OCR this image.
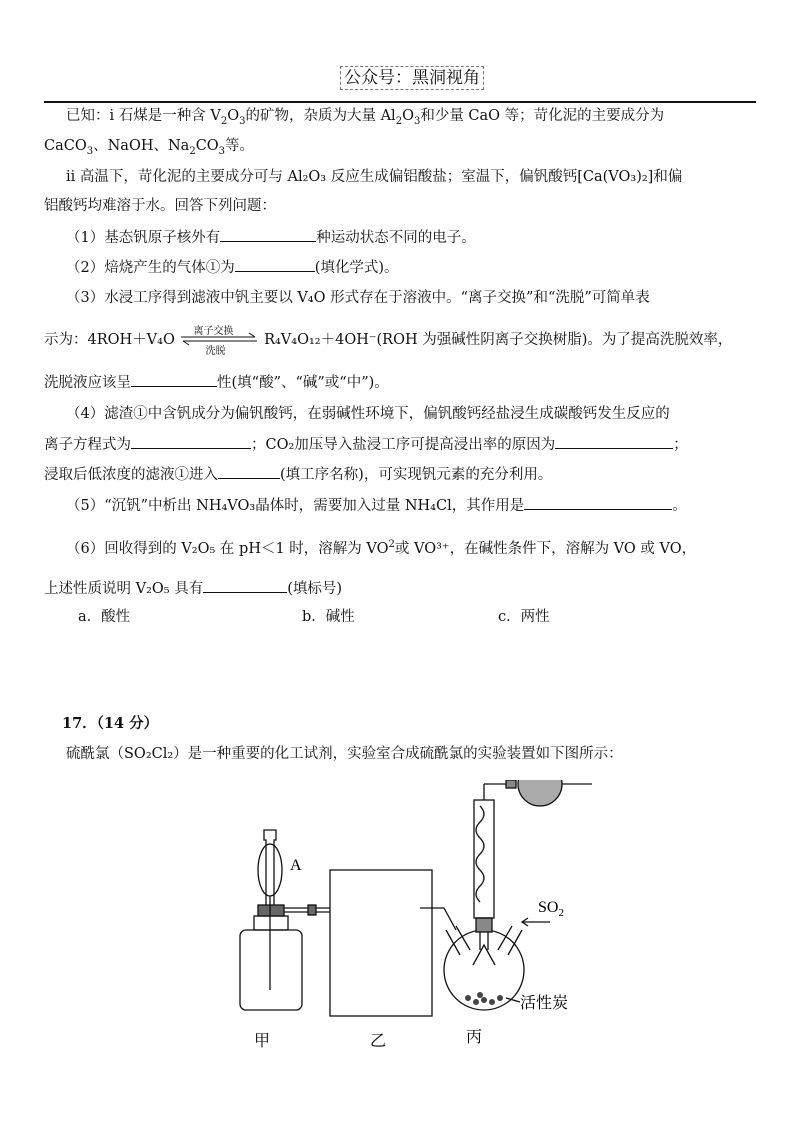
公众号：黑洞视角
已知：i 石煤是一种含 $V_2O_3$的矿物，杂质为大量 $Al_2O_3$和少量 CaO 等；苛化泥的主要成分为
CaCO$_3$、NaOH、$Na_2CO_3$等。
ii 高温下，苛化泥的主要成分可与 Al₂O₃ 反应生成偏铝酸盐；室温下，偏钒酸钙[Ca(VO₃)₂]和偏
铝酸钙均难溶于水。回答下列问题：
（1）基态钒原子核外有	种运动状态不同的电子。
（2）焙烧产生的气体①为	(填化学式)。
（3）水浸工序得到滤液中钒主要以 V₄O 形式存在于溶液中。“离子交换”和“洗脱”可简单表
示为：4ROH＋V₄O
离子交换
洗脱
R₄V₄O₁₂＋4OH⁻(ROH 为强碱性阴离子交换树脂)。为了提高洗脱效率，
洗脱液应该呈	性(填“酸”、“碱”或“中”)。
（4）滤渣①中含钒成分为偏钒酸钙，在弱碱性环境下，偏钒酸钙经盐浸生成碳酸钙发生反应的
离子方程式为	；CO₂加压导入盐浸工序可提高浸出率的原因为	；
浸取后低浓度的滤液①进入	(填工序名称)，可实现钒元素的充分利用。
（5）“沉钒”中析出 NH₄VO₃晶体时，需要加入过量 NH₄Cl，其作用是	。
（6）回收得到的 V₂O₅ 在 pH＜1 时，溶解为 $VO^2$或 VO³⁺，在碱性条件下，溶解为 VO 或 VO，
上述性质说明 V₂O₅ 具有	(填标号)
a．酸性	b．碱性	c．两性
17．（14 分）
硫酰氯（SO₂Cl₂）是一种重要的化工试剂，实验室合成硫酰氯的实验装置如下图所示：
A
$SO_2$
活性炭
甲	乙	丙
